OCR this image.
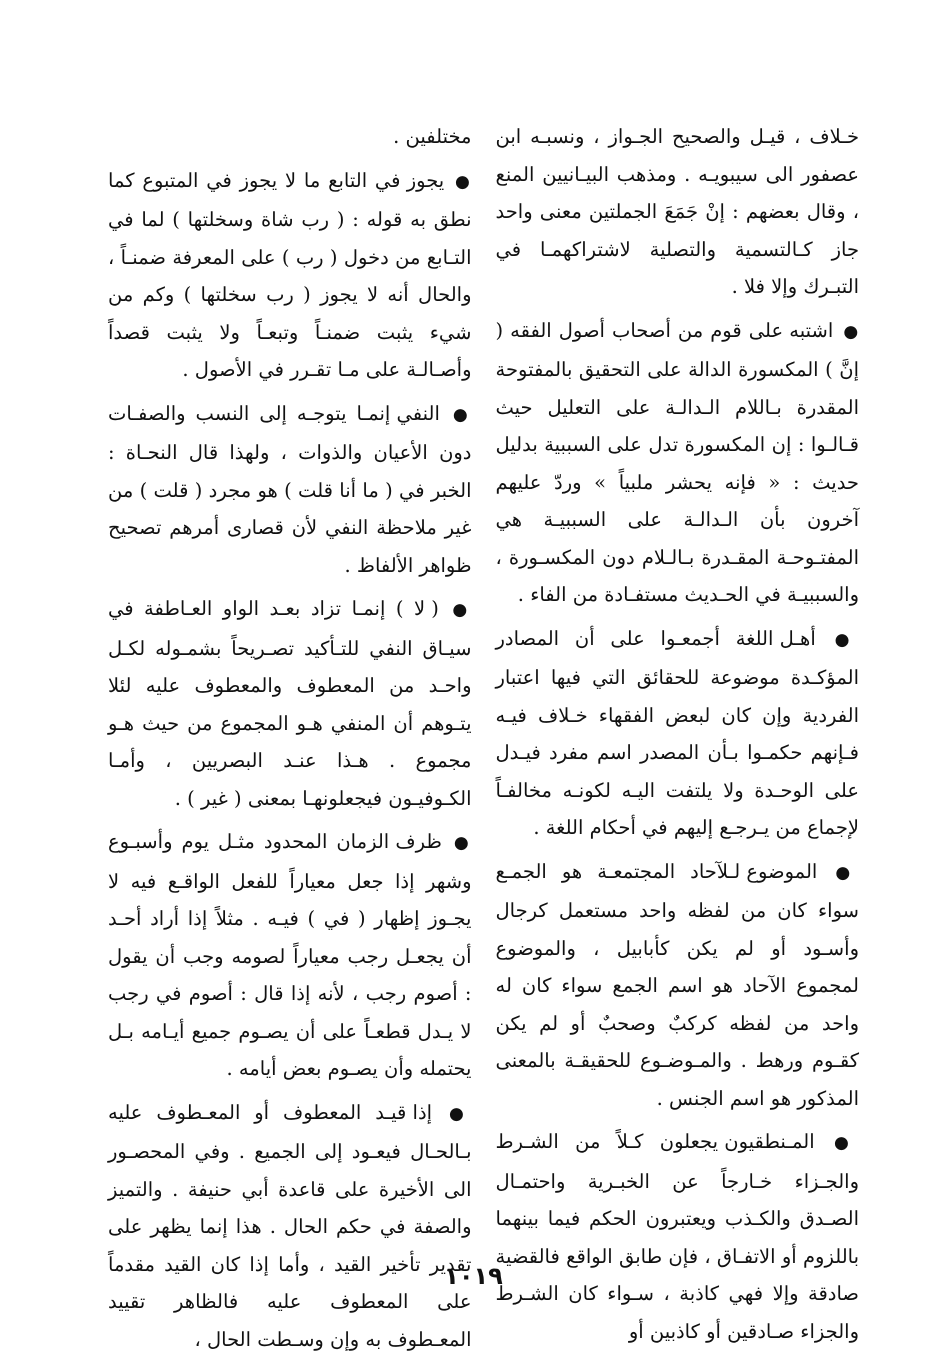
خـلاف ، قيـل والصحيح الجـواز ، ونسبـه ابن عصفور الى سيبويـه . ومذهب البيـانيين المنع ، وقال بعضهم : إنْ جَمَعَ الجملتين معنى واحد جاز كـالتسمية والتصلية لاشتراكهمـا في التبـرك وإلا فلا .

● اشتبه على قوم من أصحاب أصول الفقه ( إنَّ ) المكسورة الدالة على التحقيق بالمفتوحة المقدرة بـاللام الـدالـة على التعليل حيث قـالـوا : إن المكسورة تدل على السببية بدليل حديث : « فإنه يحشر ملبياً » وردّ عليهم آخرون بأن الـدالـة على السببيـة هي المفتـوحـة المقـدرة بـالـلام دون المكسـورة ، والسببيـة في الحـديث مستفـادة من الفاء .

● أهـل اللغة أجمعـوا على أن المصادر المؤكـدة موضوعة للحقائق التي فيها اعتبار الفردية وإن كان لبعض الفقهاء خـلاف فيـه فـإنهم حكمـوا بـأن المصدر اسم مفرد فيـدل على الوحـدة ولا يلتفت اليـه لكونـه مخالفـاً لإجماع من يـرجـع إليهم في أحكام اللغة .

● الموضوع لـلآحاد المجتمعـة هو الجمـع سواء كان من لفظه واحد مستعمل كرجال وأسـود أو لم يكن كأبابيل ، والموضوع لمجموع الآحاد هو اسم الجمع سواء كان له واحد من لفظه كركبٌ وصحبٌ أو لم يكن كقـوم ورهط . والمـوضـوع للحقيقـة بالمعنى المذكور هو اسم الجنس .

● المـنطقيون يجعلون كـلاً من الشـرط والجـزاء خـارجاً عن الخبـرية واحتمـال الصـدق والكـذب ويعتبرون الحكم فيما بينهما باللزوم أو الاتفـاق ، فإن طابق الواقع فالقضية صادقة وإلا فهي كاذبة ، سـواء كان الشـرط والجزاء صـادقين أو كاذبين أو

مختلفين .

● يجوز في التابع ما لا يجوز في المتبوع كما نطق به قوله : ( رب شاة وسخلتها ) لما في التـابع من دخول ( رب ) على المعرفة ضمنـاً ، والحال أنه لا يجوز ( رب سخلتها ) وكم من شيء يثبت ضمنـاً وتبعـاً ولا يثبت قصداً وأصـالـة على مـا تقـرر في الأصول .

● النفي إنمـا يتوجـه إلى النسب والصفـات دون الأعيان والذوات ، ولهذا قال النحـاة : الخبر في ( ما أنا قلت ) هو مجرد ( قلت ) من غير ملاحظة النفي لأن قصارى أمرهم تصحيح ظواهر الألفاظ .

● ( لا ) إنمـا تزاد بعـد الواو العـاطفة في سيـاق النفي للتـأكيد تصـريحاً بشمـوله لكـل واحـد من المعطوف والمعطوف عليه لئلا يتـوهم أن المنفي هـو المجموع من حيث هـو مجموع . هـذا عنـد البصريين ، وأمـا الكـوفيـون فيجعلونهـا بمعنى ( غير ) .

● ظرف الزمان المحدود مثـل يوم وأسبـوع وشهر إذا جعل معياراً للفعل الواقـع فيه لا يجـوز إظهار ( في ) فيـه . مثلاً إذا أراد أحـد أن يجعـل رجب معياراً لصومه وجب أن يقول : أصوم رجب ، لأنه إذا قال : أصوم في رجب لا يـدل قطعـاً على أن يصـوم جميع أيـامه بـل يحتمله وأن يصـوم بعض أيامه .

● إذا قيـد المعطوف أو المعـطوف عليه بـالحـال فيعـود إلى الجميع . وفي المحصـور الى الأخيرة على قاعدة أبي حنيفة . والتميز والصفة في حكم الحال . هذا إنما يظهر على تقدير تأخير القيد ، وأما إذا كان القيد مقدماً على المعطوف عليه فالظاهر تقييد المعـطوف به وإن وسـطت الحال ،

١٠١٩
